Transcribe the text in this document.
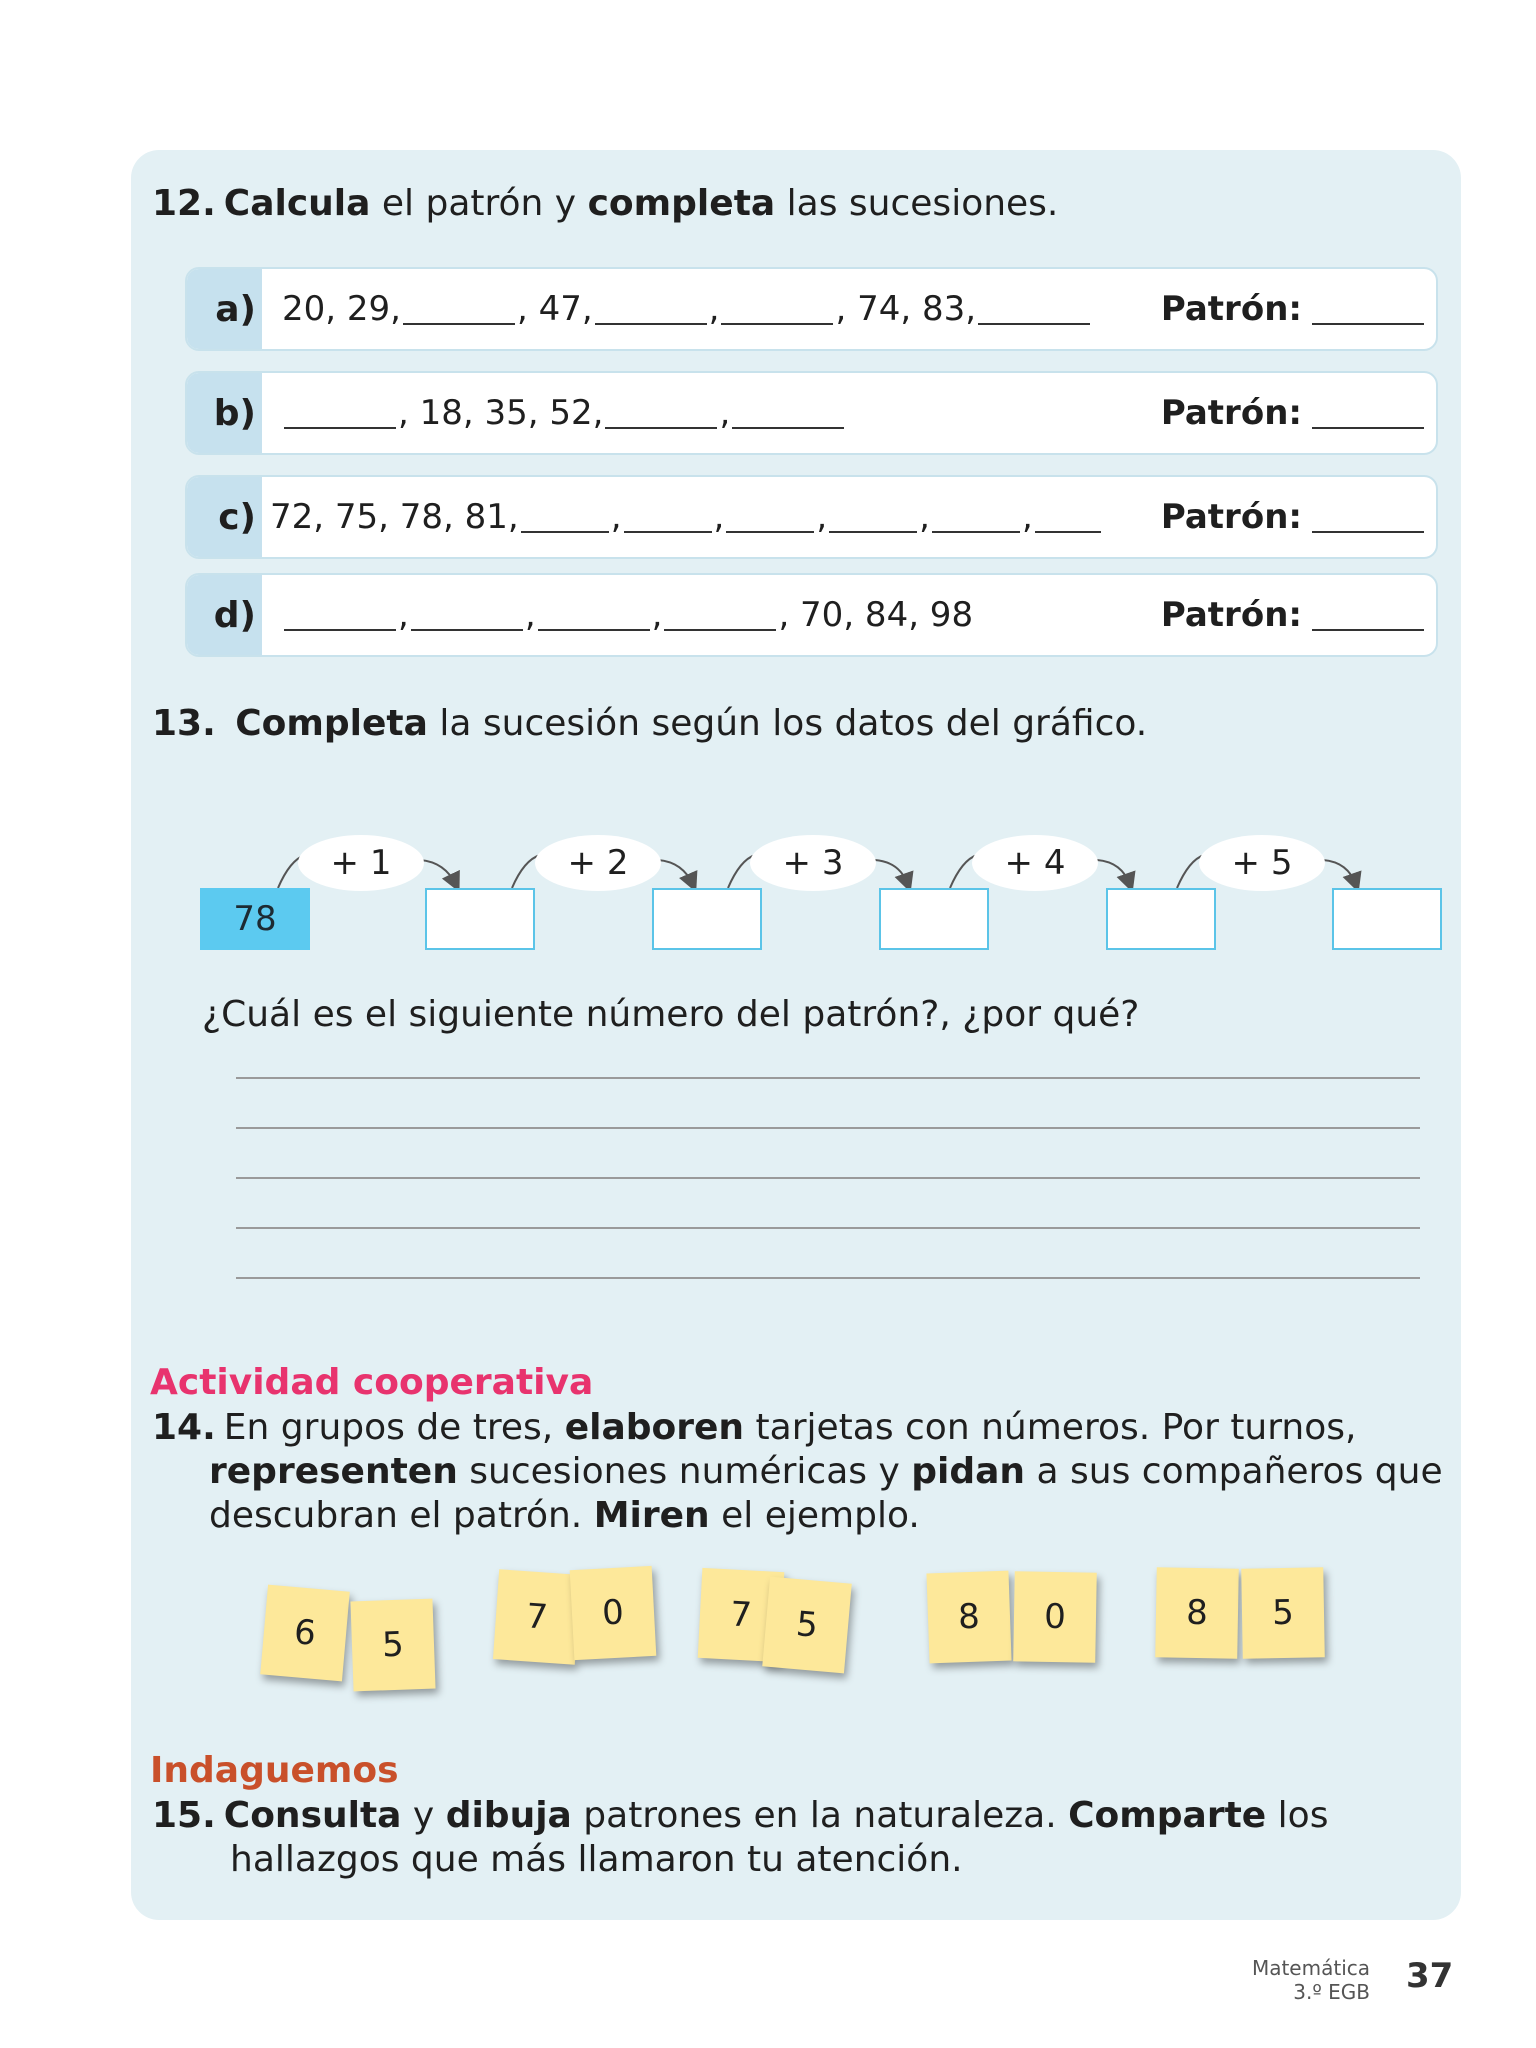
12. Calcula el patrón y completa las sucesiones.
a) 20, 29,	, 47,	,	, 74, 83,	Patrón:
b)	, 18, 35, 52,	,	Patrón:
c) 72, 75, 78, 81,	,	,	,	,	,	Patrón:
d)	,	,	,	, 70, 84, 98	Patrón:
13. Completa la sucesión según los datos del gráfico.
+ 1	+ 2	+ 3	+ 4	+ 5
78
¿Cuál es el siguiente número del patrón?, ¿por qué?
Actividad cooperativa
14. En grupos de tres, elaboren tarjetas con números. Por turnos,
representen sucesiones numéricas y pidan a sus compañeros que
descubran el patrón. Miren el ejemplo.
6	5
7	0	7	5	8	0	8	5
Indaguemos
15. Consulta y dibuja patrones en la naturaleza. Comparte los
hallazgos que más llamaron tu atención.
Matemática
3.º EGB 37
